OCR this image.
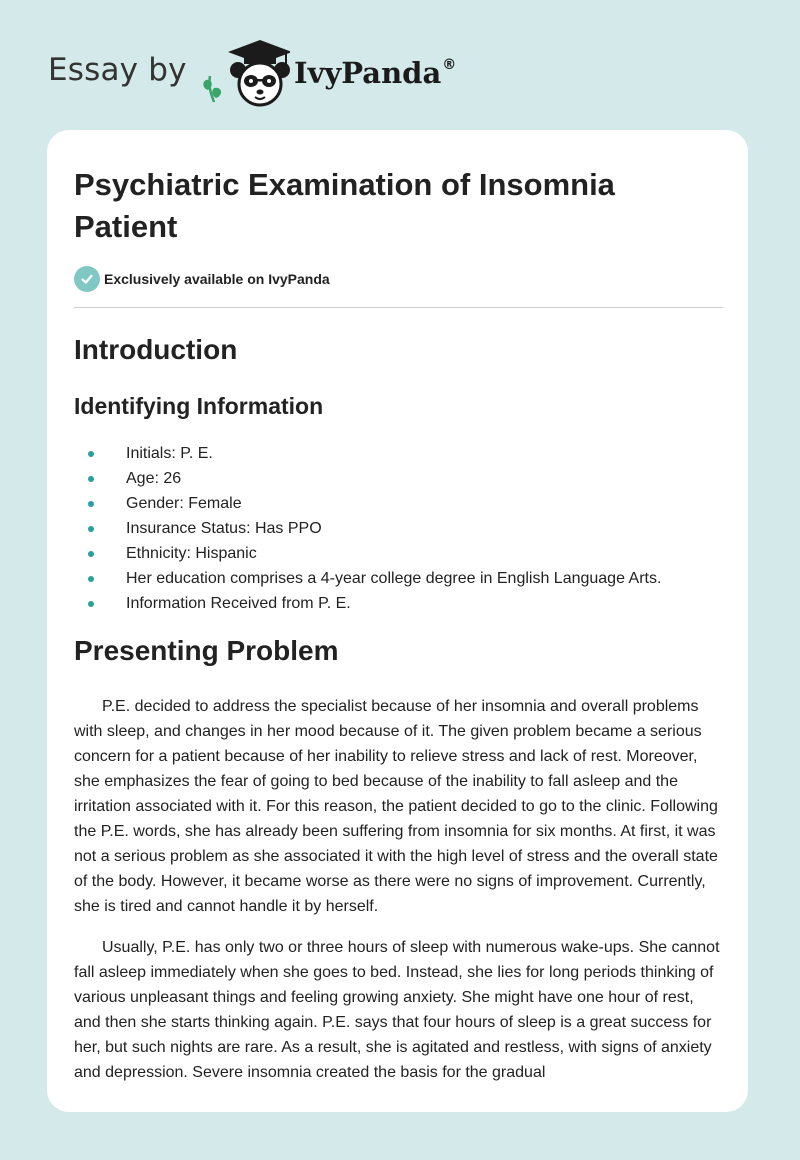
Essay by	IvyPanda®
Psychiatric Examination of Insomnia Patient
Exclusively available on IvyPanda
Introduction
Identifying Information
Initials: P. E.
Age: 26
Gender: Female
Insurance Status: Has PPO
Ethnicity: Hispanic
Her education comprises a 4-year college degree in English Language Arts.
Information Received from P. E.
Presenting Problem

P.E. decided to address the specialist because of her insomnia and overall problems with sleep, and changes in her mood because of it. The given problem became a serious concern for a patient because of her inability to relieve stress and lack of rest. Moreover, she emphasizes the fear of going to bed because of the inability to fall asleep and the irritation associated with it. For this reason, the patient decided to go to the clinic. Following the P.E. words, she has already been suffering from insomnia for six months. At first, it was not a serious problem as she associated it with the high level of stress and the overall state of the body. However, it became worse as there were no signs of improvement. Currently, she is tired and cannot handle it by herself.

Usually, P.E. has only two or three hours of sleep with numerous wake-ups. She cannot fall asleep immediately when she goes to bed. Instead, she lies for long periods thinking of various unpleasant things and feeling growing anxiety. She might have one hour of rest, and then she starts thinking again. P.E. says that four hours of sleep is a great success for her, but such nights are rare. As a result, she is agitated and restless, with signs of anxiety and depression. Severe insomnia created the basis for the gradual
